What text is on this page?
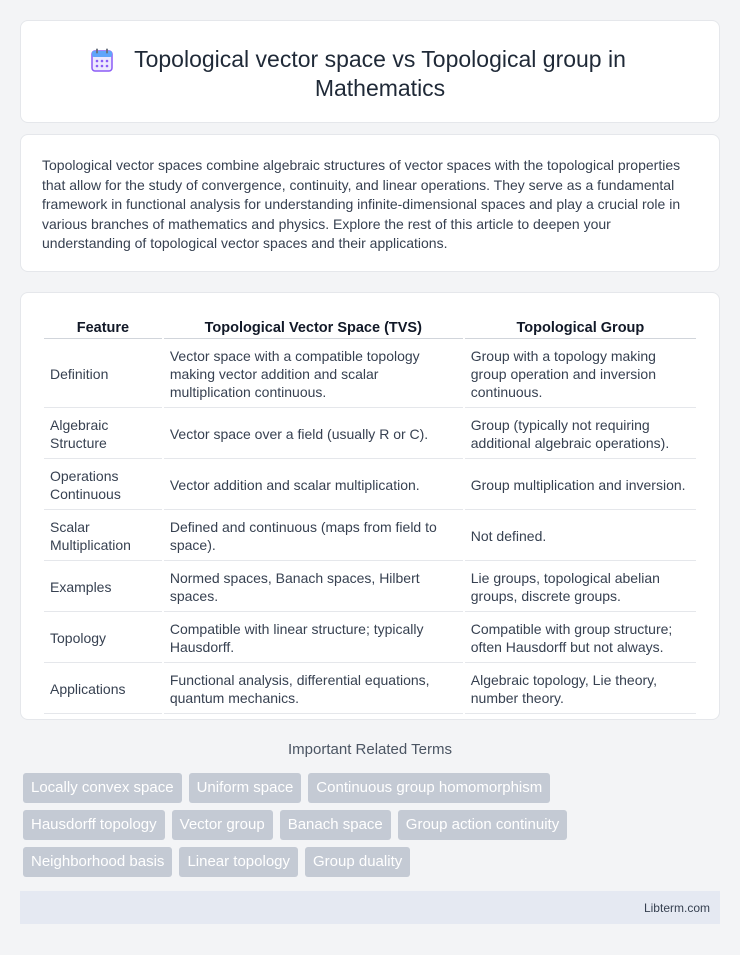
Topological vector space vs Topological group in Mathematics

Topological vector spaces combine algebraic structures of vector spaces with the topological properties that allow for the study of convergence, continuity, and linear operations. They serve as a fundamental framework in functional analysis for understanding infinite-dimensional spaces and play a crucial role in various branches of mathematics and physics. Explore the rest of this article to deepen your understanding of topological vector spaces and their applications.

Feature	Topological Vector Space (TVS)	Topological Group
Definition	Vector space with a compatible topology making vector addition and scalar multiplication continuous.	Group with a topology making group operation and inversion continuous.
Algebraic Structure	Vector space over a field (usually R or C).	Group (typically not requiring additional algebraic operations).
Operations Continuous	Vector addition and scalar multiplication.	Group multiplication and inversion.
Scalar Multiplication	Defined and continuous (maps from field to space).	Not defined.
Examples	Normed spaces, Banach spaces, Hilbert spaces.	Lie groups, topological abelian groups, discrete groups.
Topology	Compatible with linear structure; typically Hausdorff.	Compatible with group structure; often Hausdorff but not always.
Applications	Functional analysis, differential equations, quantum mechanics.	Algebraic topology, Lie theory, number theory.
Important Related Terms
Locally convex space	Uniform space	Continuous group homomorphism
Hausdorff topology	Vector group	Banach space	Group action continuity
Neighborhood basis	Linear topology	Group duality
Libterm.com
